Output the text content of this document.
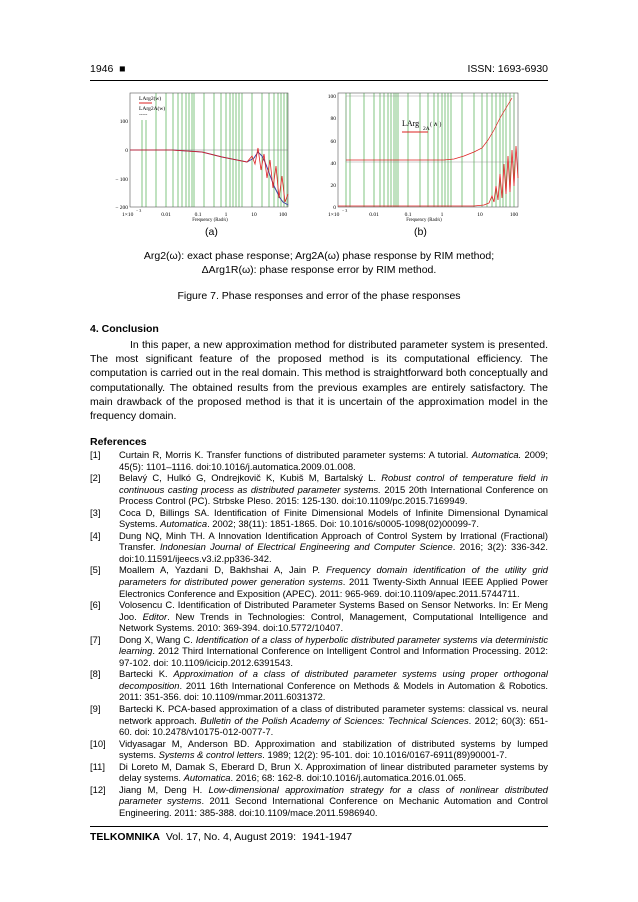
1946 ■	ISSN: 1693-6930
LArg2(w)
LArg2A(w)
-----
100
0
− 100
− 200
1×10
− 3
0.01	0.1	1	10	100
Frequency (Rad/s)
LArg
2A
( ∧ )
100
80
60
40
20
0
1×10
− 3
0.01	0.1	1	10	100
Frequency (Rad/s)
(a)	(b)
Arg2(ω): exact phase response; Arg2A(ω) phase response by RIM method;
ΔArg1R(ω): phase response error by RIM method.
Figure 7. Phase responses and error of the phase responses
4. Conclusion

In this paper, a new approximation method for distributed parameter system is presented. The most significant feature of the proposed method is its computational efficiency. The computation is carried out in the real domain. This method is straightforward both conceptually and computationally. The obtained results from the previous examples are entirely satisfactory. The main drawback of the proposed method is that it is uncertain of the approximation model in the frequency domain.

References
[1] Curtain R, Morris K. Transfer functions of distributed parameter systems: A tutorial. Automatica. 2009; 45(5): 1101–1116. doi:10.1016/j.automatica.2009.01.008.
[2] Belavý C, Hulkó G, Ondrejkovič K, Kubiš M, Bartalský L. Robust control of temperature field in continuous casting process as distributed parameter systems. 2015 20th International Conference on Process Control (PC). Strbske Pleso. 2015: 125-130. doi:10.1109/pc.2015.7169949.
[3] Coca D, Billings SA. Identification of Finite Dimensional Models of Infinite Dimensional Dynamical Systems. Automatica. 2002; 38(11): 1851-1865. Doi: 10.1016/s0005-1098(02)00099-7.
[4] Dung NQ, Minh TH. A Innovation Identification Approach of Control System by Irrational (Fractional) Transfer. Indonesian Journal of Electrical Engineering and Computer Science. 2016; 3(2): 336-342. doi:10.11591/ijeecs.v3.i2.pp336-342.
[5] Moallem A, Yazdani D, Bakhshai A, Jain P. Frequency domain identification of the utility grid parameters for distributed power generation systems. 2011 Twenty-Sixth Annual IEEE Applied Power Electronics Conference and Exposition (APEC). 2011: 965-969. doi:10.1109/apec.2011.5744711.
[6] Volosencu C. Identification of Distributed Parameter Systems Based on Sensor Networks. In: Er Meng Joo. Editor. New Trends in Technologies: Control, Management, Computational Intelligence and Network Systems. 2010: 369-394. doi:10.5772/10407.
[7] Dong X, Wang C. Identification of a class of hyperbolic distributed parameter systems via deterministic learning. 2012 Third International Conference on Intelligent Control and Information Processing. 2012: 97-102. doi: 10.1109/icicip.2012.6391543.
[8] Bartecki K. Approximation of a class of distributed parameter systems using proper orthogonal decomposition. 2011 16th International Conference on Methods & Models in Automation & Robotics. 2011: 351-356. doi: 10.1109/mmar.2011.6031372.
[9] Bartecki K. PCA-based approximation of a class of distributed parameter systems: classical vs. neural network approach. Bulletin of the Polish Academy of Sciences: Technical Sciences. 2012; 60(3): 651-60. doi: 10.2478/v10175-012-0077-7.
[10] Vidyasagar M, Anderson BD. Approximation and stabilization of distributed systems by lumped systems. Systems & control letters. 1989; 12(2): 95-101. doi: 10.1016/0167-6911(89)90001-7.
[11] Di Loreto M, Damak S, Eberard D, Brun X. Approximation of linear distributed parameter systems by delay systems. Automatica. 2016; 68: 162-8. doi:10.1016/j.automatica.2016.01.065.
[12] Jiang M, Deng H. Low-dimensional approximation strategy for a class of nonlinear distributed parameter systems. 2011 Second International Conference on Mechanic Automation and Control Engineering. 2011: 385-388. doi:10.1109/mace.2011.5986940.
TELKOMNIKA  Vol. 17, No. 4, August 2019:  1941-1947
